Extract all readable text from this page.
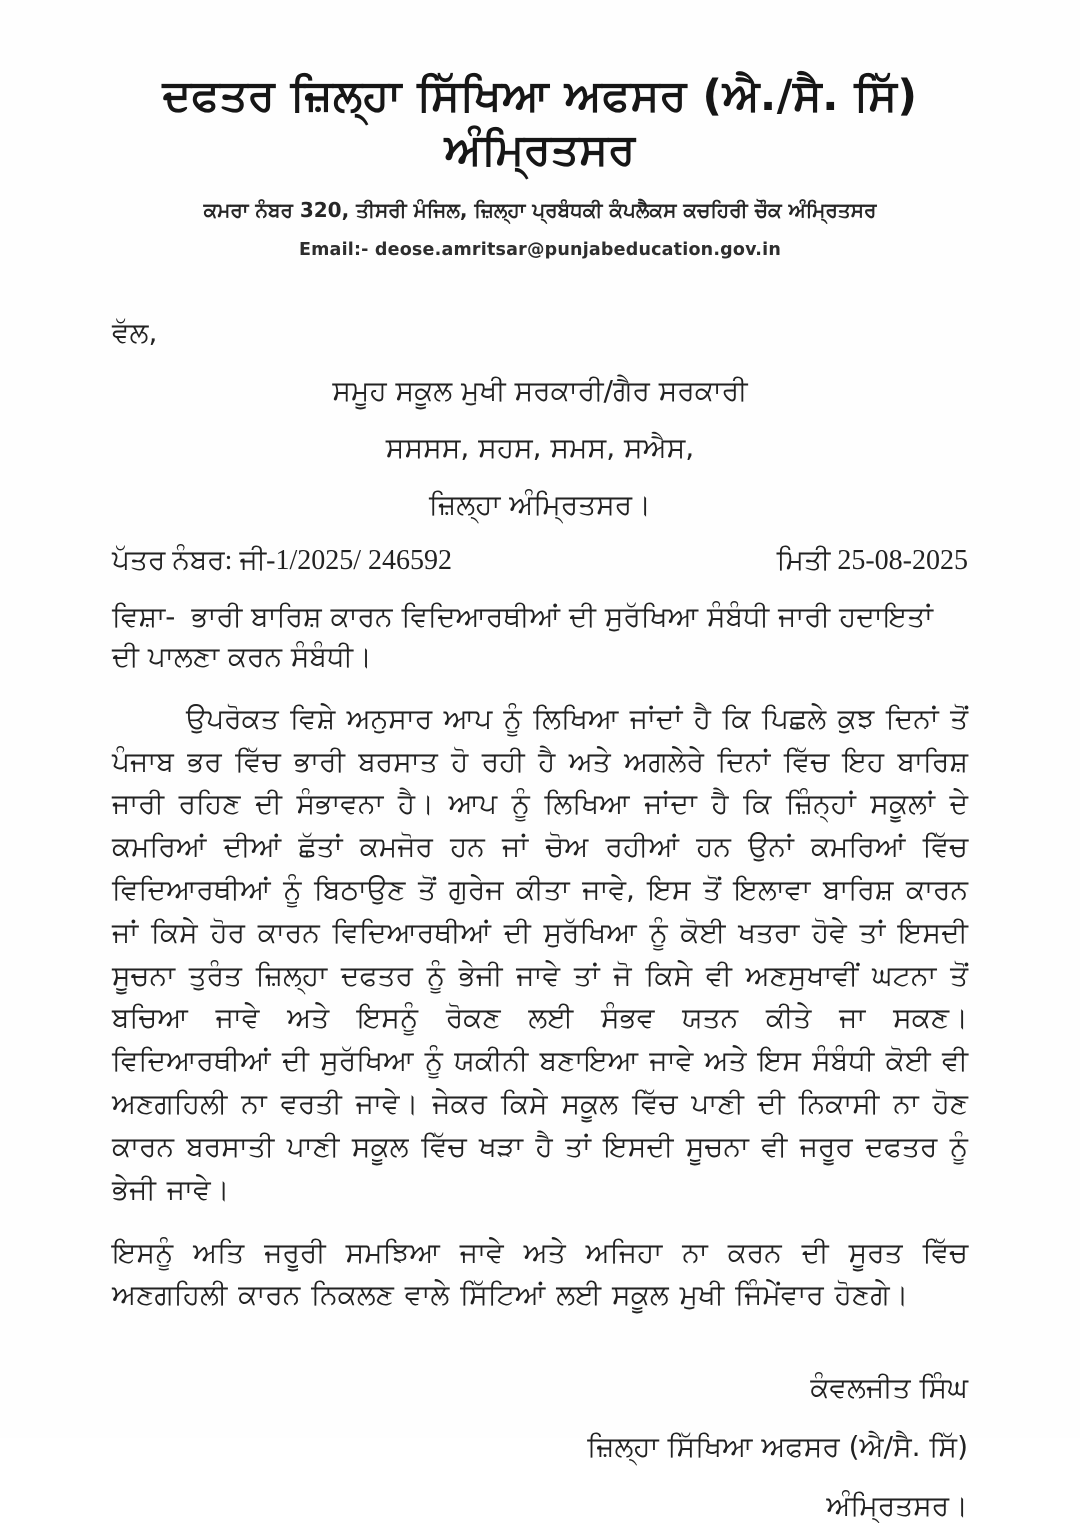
ਦਫਤਰ ਜ਼ਿਲ੍ਹਾ ਸਿੱਖਿਆ ਅਫਸਰ (ਐ./ਸੈ. ਸਿੱ) ਅੰਮ੍ਰਿਤਸਰ
ਕਮਰਾ ਨੰਬਰ 320, ਤੀਸਰੀ ਮੰਜਿਲ, ਜ਼ਿਲ੍ਹਾ ਪ੍ਰਬੰਧਕੀ ਕੰਪਲੈਕਸ ਕਚਹਿਰੀ ਚੌਕ ਅੰਮ੍ਰਿਤਸਰ
Email:- deose.amritsar@punjabeducation.gov.in
ਵੱਲ,
ਸਮੂਹ ਸਕੂਲ ਮੁਖੀ ਸਰਕਾਰੀ/ਗੈਰ ਸਰਕਾਰੀ
ਸਸਸਸ, ਸਹਸ, ਸਮਸ, ਸਐਸ,
ਜ਼ਿਲ੍ਹਾ ਅੰਮ੍ਰਿਤਸਰ।
ਪੱਤਰ ਨੰਬਰ: ਜੀ-1/2025/ 246592	ਮਿਤੀ 25-08-2025
ਵਿਸ਼ਾ- ਭਾਰੀ ਬਾਰਿਸ਼ ਕਾਰਨ ਵਿਦਿਆਰਥੀਆਂ ਦੀ ਸੁਰੱਖਿਆ ਸੰਬੰਧੀ ਜਾਰੀ ਹਦਾਇਤਾਂ ਦੀ ਪਾਲਣਾ ਕਰਨ ਸੰਬੰਧੀ।

ਉਪਰੋਕਤ ਵਿਸ਼ੇ ਅਨੁਸਾਰ ਆਪ ਨੂੰ ਲਿਖਿਆ ਜਾਂਦਾਂ ਹੈ ਕਿ ਪਿਛਲੇ ਕੁਝ ਦਿਨਾਂ ਤੋਂ ਪੰਜਾਬ ਭਰ ਵਿੱਚ ਭਾਰੀ ਬਰਸਾਤ ਹੋ ਰਹੀ ਹੈ ਅਤੇ ਅਗਲੇਰੇ ਦਿਨਾਂ ਵਿੱਚ ਇਹ ਬਾਰਿਸ਼ ਜਾਰੀ ਰਹਿਣ ਦੀ ਸੰਭਾਵਨਾ ਹੈ। ਆਪ ਨੂੰ ਲਿਖਿਆ ਜਾਂਦਾ ਹੈ ਕਿ ਜ਼ਿੰਨ੍ਹਾਂ ਸਕੂਲਾਂ ਦੇ ਕਮਰਿਆਂ ਦੀਆਂ ਛੱਤਾਂ ਕਮਜੋਰ ਹਨ ਜਾਂ ਚੋਅ ਰਹੀਆਂ ਹਨ ਉਨਾਂ ਕਮਰਿਆਂ ਵਿੱਚ ਵਿਦਿਆਰਥੀਆਂ ਨੂੰ ਬਿਠਾਉਣ ਤੋਂ ਗੁਰੇਜ ਕੀਤਾ ਜਾਵੇ, ਇਸ ਤੋਂ ਇਲਾਵਾ ਬਾਰਿਸ਼ ਕਾਰਨ ਜਾਂ ਕਿਸੇ ਹੋਰ ਕਾਰਨ ਵਿਦਿਆਰਥੀਆਂ ਦੀ ਸੁਰੱਖਿਆ ਨੂੰ ਕੋਈ ਖਤਰਾ ਹੋਵੇ ਤਾਂ ਇਸਦੀ ਸੂਚਨਾ ਤੁਰੰਤ ਜ਼ਿਲ੍ਹਾ ਦਫਤਰ ਨੂੰ ਭੇਜੀ ਜਾਵੇ ਤਾਂ ਜੋ ਕਿਸੇ ਵੀ ਅਣਸੁਖਾਵੀਂ ਘਟਨਾ ਤੋਂ ਬਚਿਆ ਜਾਵੇ ਅਤੇ ਇਸਨੂੰ ਰੋਕਣ ਲਈ ਸੰਭਵ ਯਤਨ ਕੀਤੇ ਜਾ ਸਕਣ। ਵਿਦਿਆਰਥੀਆਂ ਦੀ ਸੁਰੱਖਿਆ ਨੂੰ ਯਕੀਨੀ ਬਣਾਇਆ ਜਾਵੇ ਅਤੇ ਇਸ ਸੰਬੰਧੀ ਕੋਈ ਵੀ ਅਣਗਹਿਲੀ ਨਾ ਵਰਤੀ ਜਾਵੇ। ਜੇਕਰ ਕਿਸੇ ਸਕੂਲ ਵਿੱਚ ਪਾਣੀ ਦੀ ਨਿਕਾਸੀ ਨਾ ਹੋਣ ਕਾਰਨ ਬਰਸਾਤੀ ਪਾਣੀ ਸਕੂਲ ਵਿੱਚ ਖੜਾ ਹੈ ਤਾਂ ਇਸਦੀ ਸੂਚਨਾ ਵੀ ਜਰੂਰ ਦਫਤਰ ਨੂੰ ਭੇਜੀ ਜਾਵੇ।

ਇਸਨੂੰ ਅਤਿ ਜਰੂਰੀ ਸਮਝਿਆ ਜਾਵੇ ਅਤੇ ਅਜਿਹਾ ਨਾ ਕਰਨ ਦੀ ਸੂਰਤ ਵਿੱਚ ਅਣਗਹਿਲੀ ਕਾਰਨ ਨਿਕਲਣ ਵਾਲੇ ਸਿੱਟਿਆਂ ਲਈ ਸਕੂਲ ਮੁਖੀ ਜਿੰਮੇਂਵਾਰ ਹੋਣਗੇ।

ਕੰਵਲਜੀਤ ਸਿੰਘ
ਜ਼ਿਲ੍ਹਾ ਸਿੱਖਿਆ ਅਫਸਰ (ਐ/ਸੈ. ਸਿੱ)
ਅੰਮ੍ਰਿਤਸਰ।
